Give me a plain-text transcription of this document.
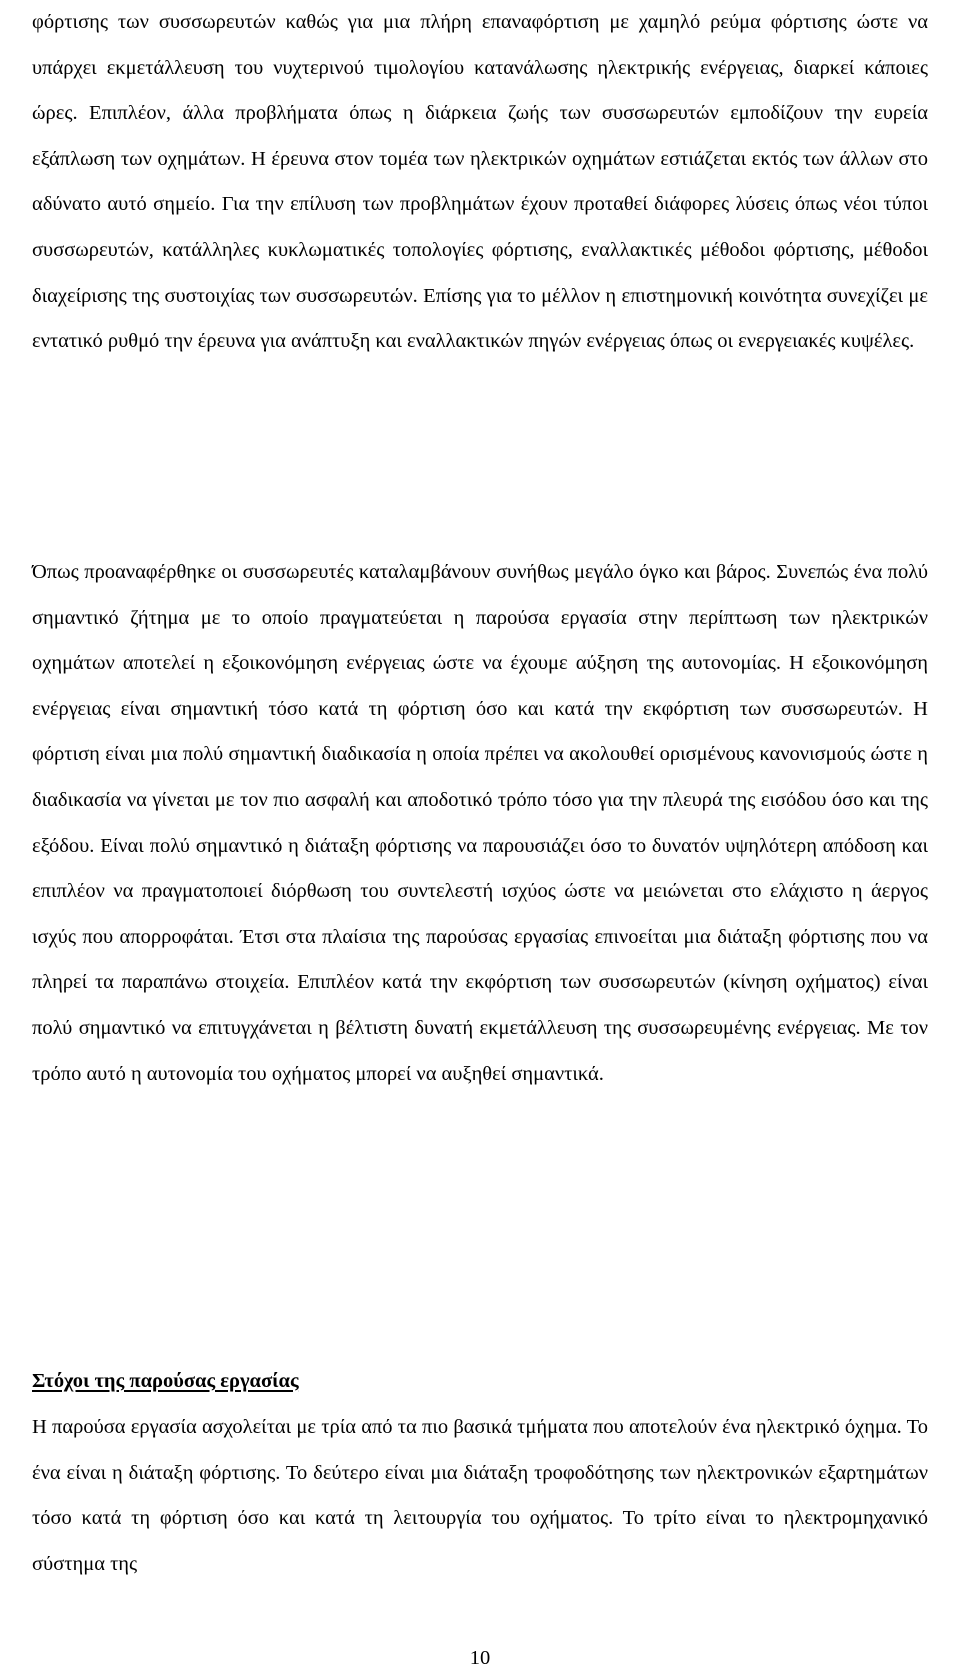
φόρτισης των συσσωρευτών καθώς για μια πλήρη επαναφόρτιση με χαμηλό ρεύμα φόρτισης ώστε να υπάρχει εκμετάλλευση του νυχτερινού τιμολογίου κατανάλωσης ηλεκτρικής ενέργειας, διαρκεί κάποιες ώρες. Επιπλέον, άλλα προβλήματα όπως η διάρκεια ζωής των συσσωρευτών εμποδίζουν την ευρεία εξάπλωση των οχημάτων. Η έρευνα στον τομέα των ηλεκτρικών οχημάτων εστιάζεται εκτός των άλλων στο αδύνατο αυτό σημείο. Για την επίλυση των προβλημάτων έχουν προταθεί διάφορες λύσεις όπως νέοι τύποι συσσωρευτών, κατάλληλες κυκλωματικές τοπολογίες φόρτισης, εναλλακτικές μέθοδοι φόρτισης, μέθοδοι διαχείρισης της συστοιχίας των συσσωρευτών. Επίσης για το μέλλον η επιστημονική κοινότητα συνεχίζει με εντατικό ρυθμό την έρευνα για ανάπτυξη και εναλλακτικών πηγών ενέργειας όπως οι ενεργειακές κυψέλες.

Όπως προαναφέρθηκε οι συσσωρευτές καταλαμβάνουν συνήθως μεγάλο όγκο και βάρος. Συνεπώς ένα πολύ σημαντικό ζήτημα με το οποίο πραγματεύεται η παρούσα εργασία στην περίπτωση των ηλεκτρικών οχημάτων αποτελεί η εξοικονόμηση ενέργειας ώστε να έχουμε αύξηση της αυτονομίας. Η εξοικονόμηση ενέργειας είναι σημαντική τόσο κατά τη φόρτιση όσο και κατά την εκφόρτιση των συσσωρευτών. Η φόρτιση είναι μια πολύ σημαντική διαδικασία η οποία πρέπει να ακολουθεί ορισμένους κανονισμούς ώστε η διαδικασία να γίνεται με τον πιο ασφαλή και αποδοτικό τρόπο τόσο για την πλευρά της εισόδου όσο και της εξόδου. Είναι πολύ σημαντικό η διάταξη φόρτισης να παρουσιάζει όσο το δυνατόν υψηλότερη απόδοση και επιπλέον να πραγματοποιεί διόρθωση του συντελεστή ισχύος ώστε να μειώνεται στο ελάχιστο η άεργος ισχύς που απορροφάται. Έτσι στα πλαίσια της παρούσας εργασίας επινοείται μια διάταξη φόρτισης που να πληρεί τα παραπάνω στοιχεία. Επιπλέον κατά την εκφόρτιση των συσσωρευτών (κίνηση οχήματος) είναι πολύ σημαντικό να επιτυγχάνεται η βέλτιστη δυνατή εκμετάλλευση της συσσωρευμένης ενέργειας. Με τον τρόπο αυτό η αυτονομία του οχήματος μπορεί να αυξηθεί σημαντικά.

Στόχοι της παρούσας εργασίας

Η παρούσα εργασία ασχολείται με τρία από τα πιο βασικά τμήματα που αποτελούν ένα ηλεκτρικό όχημα. Το ένα είναι η διάταξη φόρτισης. Το δεύτερο είναι μια διάταξη τροφοδότησης των ηλεκτρονικών εξαρτημάτων τόσο κατά τη φόρτιση όσο και κατά τη λειτουργία του οχήματος. Το τρίτο είναι το ηλεκτρομηχανικό σύστημα της

10
